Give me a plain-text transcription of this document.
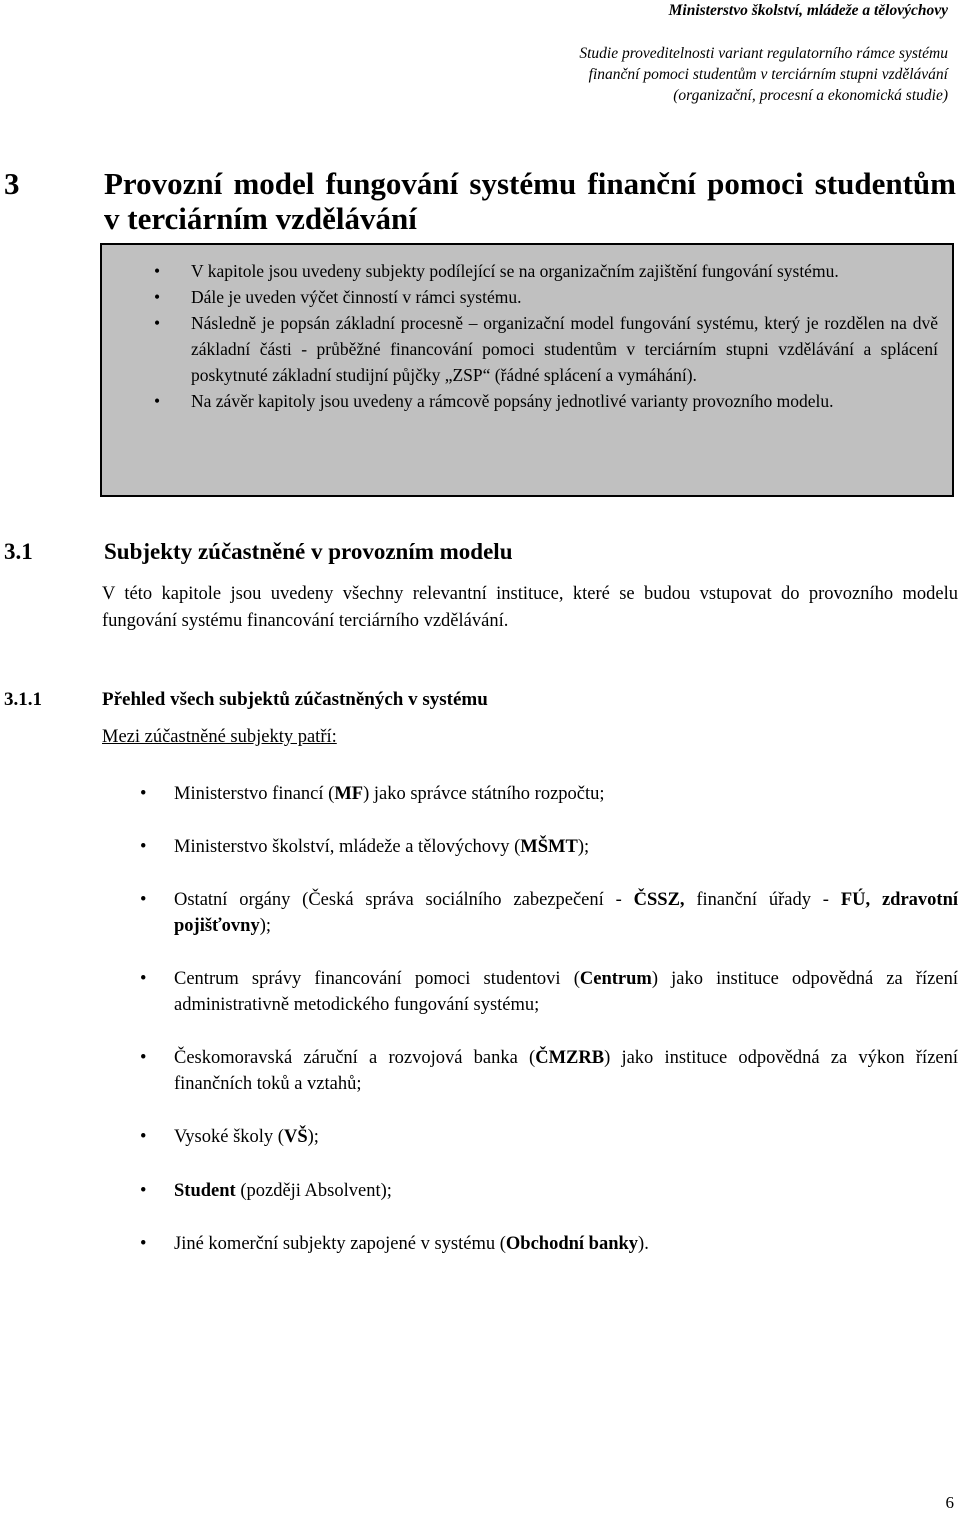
Ministerstvo školství, mládeže a tělovýchovy
Studie proveditelnosti variant regulatorního rámce systému
finanční pomoci studentům v terciárním stupni vzdělávání
(organizační, procesní a ekonomická studie)
3	Provozní model fungování systému finanční pomoci studentům v terciárním vzdělávání
• V kapitole jsou uvedeny subjekty podílející se na organizačním zajištění fungování systému.
• Dále je uveden výčet činností v rámci systému.
• Následně je popsán základní procesně – organizační model fungování systému, který je rozdělen na dvě základní části - průběžné financování pomoci studentům v terciárním stupni vzdělávání a splácení poskytnuté základní studijní půjčky „ZSP“ (řádné splácení a vymáhání).
• Na závěr kapitoly jsou uvedeny a rámcově popsány jednotlivé varianty provozního modelu.
3.1	Subjekty zúčastněné v provozním modelu
V této kapitole jsou uvedeny všechny relevantní instituce, které se budou vstupovat do provozního modelu fungování systému financování terciárního vzdělávání.
3.1.1	Přehled všech subjektů zúčastněných v systému
Mezi zúčastněné subjekty patří:
• Ministerstvo financí (MF) jako správce státního rozpočtu;
• Ministerstvo školství, mládeže a tělovýchovy (MŠMT);
• Ostatní orgány (Česká správa sociálního zabezpečení - ČSSZ, finanční úřady - FÚ, zdravotní pojišťovny);
• Centrum správy financování pomoci studentovi (Centrum) jako instituce odpovědná za řízení administrativně metodického fungování systému;
• Českomoravská záruční a rozvojová banka (ČMZRB) jako instituce odpovědná za výkon řízení finančních toků a vztahů;
• Vysoké školy (VŠ);
• Student (později Absolvent);
• Jiné komerční subjekty zapojené v systému (Obchodní banky).
6
